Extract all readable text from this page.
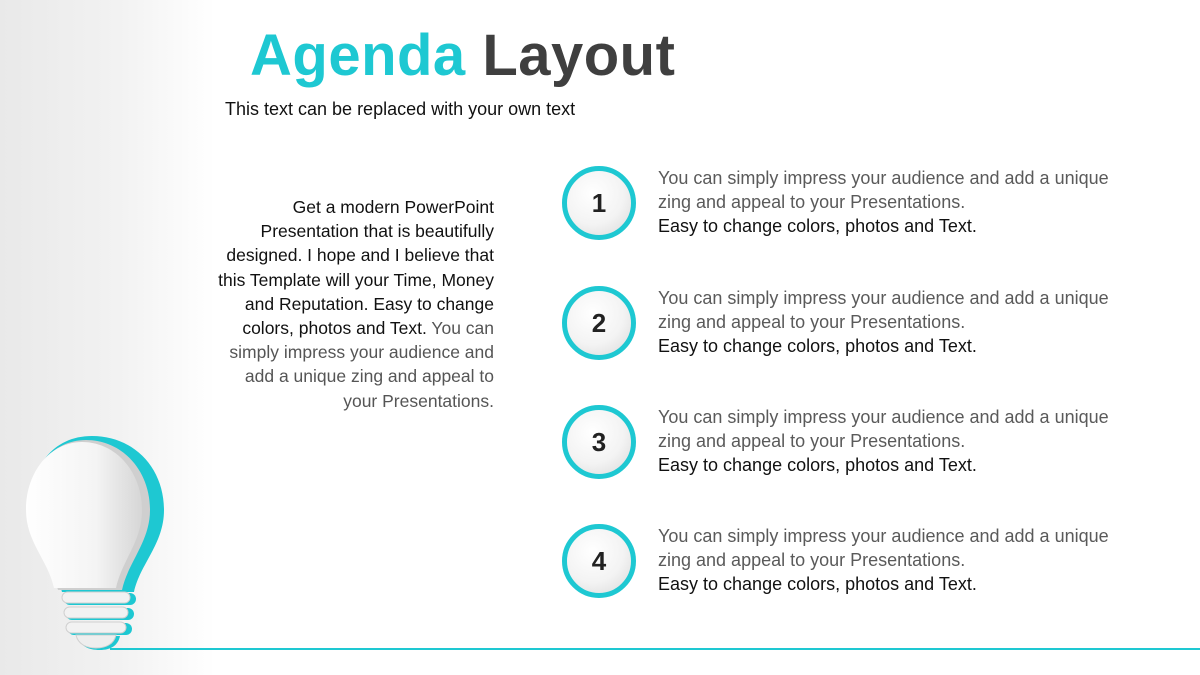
Agenda Layout
This text can be replaced with your own text
Get a modern PowerPoint Presentation that is beautifully designed. I hope and I believe that this Template will your Time, Money and Reputation. Easy to change colors, photos and Text. You can simply impress your audience and add a unique zing and appeal to your Presentations.
1
You can simply impress your audience and add a unique zing and appeal to your Presentations.
Easy to change colors, photos and Text.
2
You can simply impress your audience and add a unique zing and appeal to your Presentations.
Easy to change colors, photos and Text.
3
You can simply impress your audience and add a unique zing and appeal to your Presentations.
Easy to change colors, photos and Text.
4
You can simply impress your audience and add a unique zing and appeal to your Presentations.
Easy to change colors, photos and Text.
